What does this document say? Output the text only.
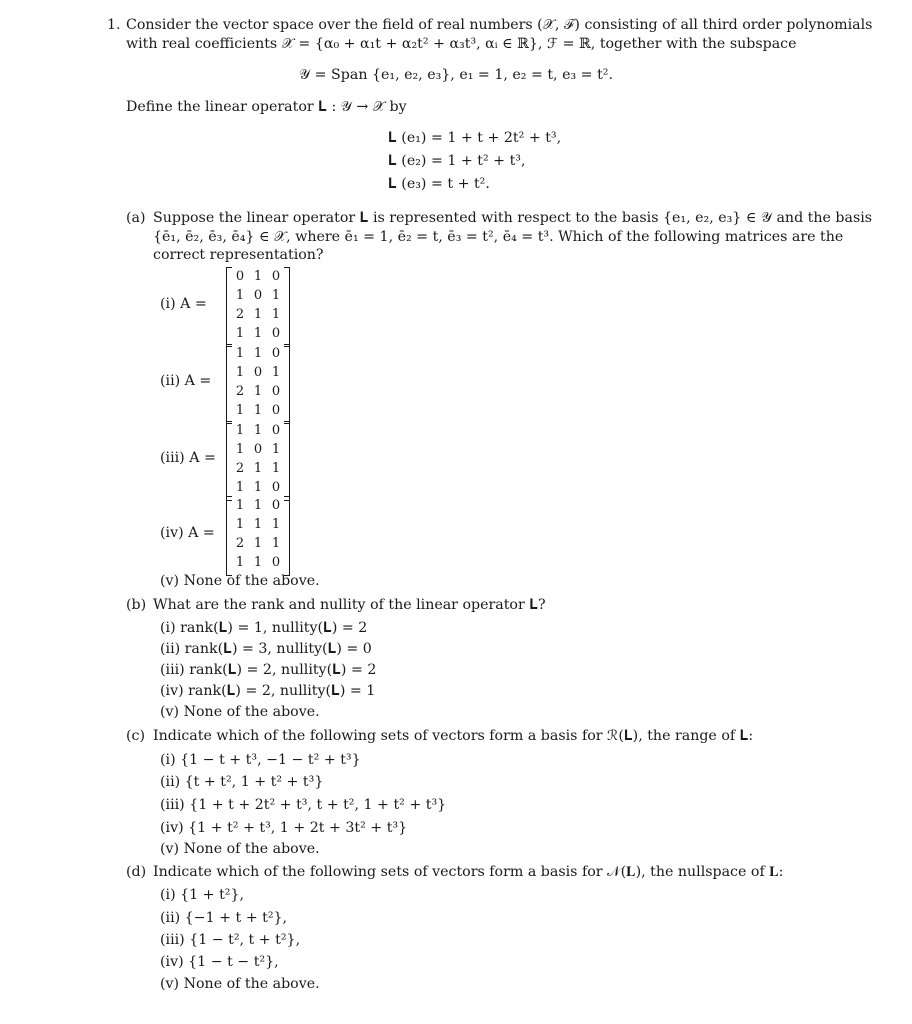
1. Consider the vector space over the field of real numbers (𝒳, ℱ) consisting of all third order polynomials
with real coefficients 𝒳 = {α₀ + α₁t + α₂t² + α₃t³, αᵢ ∈ ℝ}, ℱ = ℝ, together with the subspace
𝒴 = Span {e₁, e₂, e₃}, e₁ = 1, e₂ = t, e₃ = t².
Define the linear operator 𝐋 : 𝒴 → 𝒳 by
𝐋 (e₁) = 1 + t + 2t² + t³,
𝐋 (e₂) = 1 + t² + t³,
𝐋 (e₃) = t + t².
(a) Suppose the linear operator 𝐋 is represented with respect to the basis {e₁, e₂, e₃} ∈ 𝒴 and the basis
{ē₁, ē₂, ē₃, ē₄} ∈ 𝒳, where ē₁ = 1, ē₂ = t, ē₃ = t², ē₄ = t³. Which of the following matrices are the
correct representation?
(i) A =
0 1 0
1 0 1
2 1 1
1 1 0
(ii) A =
1 1 0
1 0 1
2 1 0
1 1 0
(iii) A =
1 1 0
1 0 1
2 1 1
1 1 0
(iv) A =
1 1 0
1 1 1
2 1 1
1 1 0
(v) None of the above.
(b) What are the rank and nullity of the linear operator 𝐋?
(i) rank(𝐋) = 1, nullity(𝐋) = 2
(ii) rank(𝐋) = 3, nullity(𝐋) = 0
(iii) rank(𝐋) = 2, nullity(𝐋) = 2
(iv) rank(𝐋) = 2, nullity(𝐋) = 1
(v) None of the above.
(c) Indicate which of the following sets of vectors form a basis for ℛ(𝐋), the range of 𝐋:
(i) {1 − t + t³, −1 − t² + t³}
(ii) {t + t², 1 + t² + t³}
(iii) {1 + t + 2t² + t³, t + t², 1 + t² + t³}
(iv) {1 + t² + t³, 1 + 2t + 3t² + t³}
(v) None of the above.
(d) Indicate which of the following sets of vectors form a basis for 𝒩(𝐋), the nullspace of 𝐋:
(i) {1 + t²},
(ii) {−1 + t + t²},
(iii) {1 − t², t + t²},
(iv) {1 − t − t²},
(v) None of the above.
